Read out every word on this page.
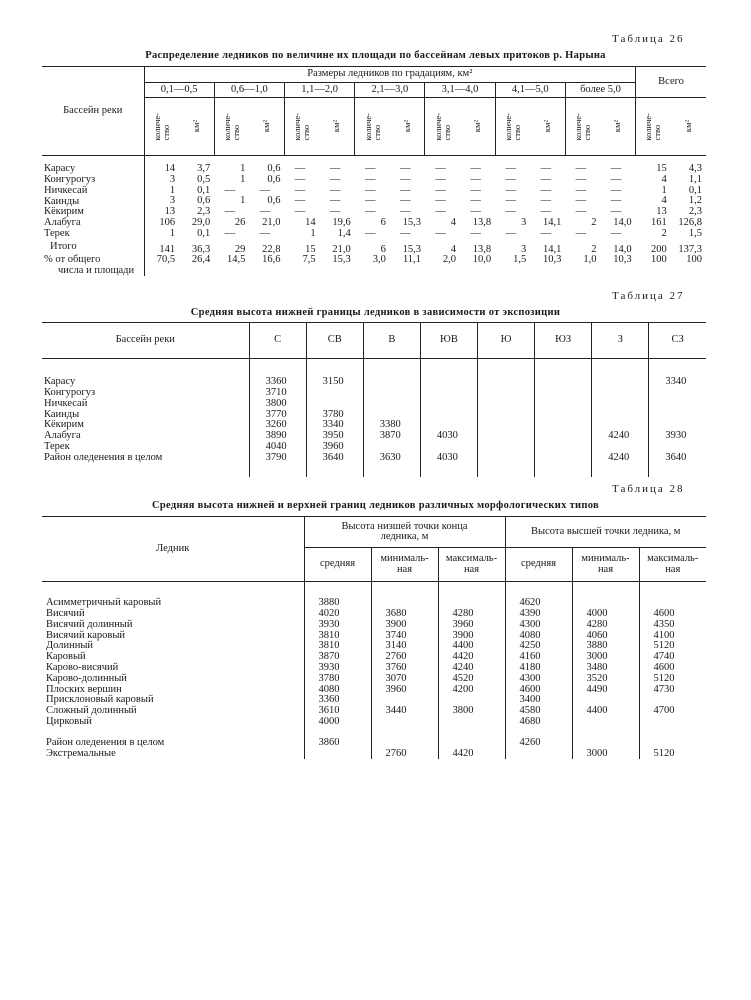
Таблица 26
Распределение ледников по величине их площади по бассейнам левых притоков р. Нарына
Бассейн реки	Размеры ледников по градациям, км²														Всего	
	0,1—0,5		0,6—1,0		1,1—2,0		2,1—3,0		3,1—4,0		4,1—5,0		более 5,0			

	количе-
ство	км²	количе-
ство	км²	количе-
ство	км²	количе-
ство	км²	количе-
ство	км²	количе-
ство	км²	количе-
ство	км²	количе-
ство	км²

Карасу	14	3,7	1	0,6	—	—	—	—	—	—	—	—	—	—	15	4,3

Конгурогуз	3	0,5	1	0,6	—	—	—	—	—	—	—	—	—	—	4	1,1

Ничкесай	1	0,1	—	—	—	—	—	—	—	—	—	—	—	—	1	0,1

Каинды	3	0,6	1	0,6	—	—	—	—	—	—	—	—	—	—	4	1,2

Кёкирим	13	2,3	—	—	—	—	—	—	—	—	—	—	—	—	13	2,3

Алабуга	106	29,0	26	21,0	14	19,6	6	15,3	4	13,8	3	14,1	2	14,0	161	126,8

Терек	1	0,1	—	—	1	1,4	—	—	—	—	—	—	—	—	2	1,5

Итого	141	36,3	29	22,8	15	21,0	6	15,3	4	13,8	3	14,1	2	14,0	200	137,3

% от общего
числа и площади	70,5	26,4	14,5	16,6	7,5	15,3	3,0	11,1	2,0	10,0	1,5	10,3	1,0	10,3	100	100
Таблица 27
Средняя высота нижней границы ледников в зависимости от экспозиции
Бассейн реки	С	СВ	В	ЮВ	Ю	ЮЗ	З	СЗ
Карасу	3360	3150						3340
Конгурогуз	3710							
Ничкесай	3800							
Каинды	3770	3780						
Кёкирим	3260	3340	3380					
Алабуга	3890	3950	3870	4030			4240	3930
Терек	4040	3960						
Район оледенения в целом	3790	3640	3630	4030			4240	3640
Таблица 28
Средняя высота нижней и верхней границ ледников различных морфологических типов
Ледник	Высота низшей точки конца ледника, м			Высота высшей точки ледника, м		
	средняя	минималь-
ная	максималь-
ная	средняя	минималь-
ная	максималь-
ная
Асимметричный каровый	3880			4620		
Висячий	4020	3680	4280	4390	4000	4600
Висячий долинный	3930	3900	3960	4300	4280	4350
Висячий каровый	3810	3740	3900	4080	4060	4100
Долинный	3810	3140	4400	4250	3880	5120
Каровый	3870	2760	4420	4160	3000	4740
Карово-висячий	3930	3760	4240	4180	3480	4600
Карово-долинный	3780	3070	4520	4300	3520	5120
Плоских вершин	4080	3960	4200	4600	4490	4730
Присклоновый каровый	3360			3400		
Сложный долинный	3610	3440	3800	4580	4400	4700
Цирковый	4000			4680		
Район оледенения в целом	3860			4260		
Экстремальные		2760	4420		3000	5120
